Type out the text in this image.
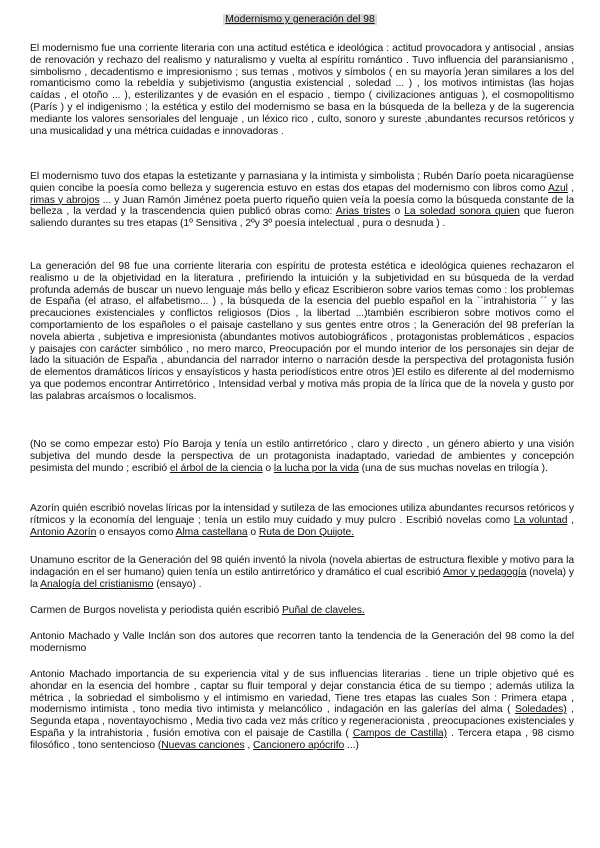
Modernismo y generación del 98

El modernismo fue una corriente literaria con una actitud estética e ideológica : actitud provocadora y antisocial , ansias de renovación y rechazo del realismo y naturalismo y vuelta al espíritu romántico . Tuvo influencia del paransianismo , simbolismo , decadentismo e impresionismo ; sus temas , motivos y símbolos ( en su mayoría )eran similares a los del romanticismo como la rebeldía y subjetivismo (angustia existencial , soledad ... ) , los motivos intimistas (las hojas caídas , el otoño ... ), esterilizantes y de evasión en el espacio , tiempo ( civilizaciones antiguas ), el cosmopolitismo (París ) y el indigenismo ; la estética y estilo del modernismo se basa en la búsqueda de la belleza y de la sugerencia mediante los valores sensoriales del lenguaje , un léxico rico , culto, sonoro y sureste ,abundantes recursos retóricos y una musicalidad y una métrica cuidadas e innovadoras .

El modernismo tuvo dos etapas la estetizante y parnasiana y la intimista y simbolista ; Rubén Darío poeta nicaragüense quien concibe la poesía como belleza y sugerencia estuvo en estas dos etapas del modernismo con libros como Azul , rimas y abrojos ... y Juan Ramón Jiménez poeta puerto riqueño quien veía la poesía como la búsqueda constante de la belleza , la verdad y la trascendencia quien publicó obras como: Arias tristes o La soledad sonora quien que fueron saliendo durantes su tres etapas (1º Sensitiva , 2ºy 3º poesía intelectual , pura o desnuda ) .

La generación del 98 fue una corriente literaria con espíritu de protesta estética e ideológica quienes rechazaron el realismo u de la objetividad en la literatura , prefiriendo la intuición y la subjetividad en su búsqueda de la verdad profunda además de buscar un nuevo lenguaje más bello y eficaz Escribieron sobre varios temas como : los problemas de España (el atraso, el alfabetismo... ) , la búsqueda de la esencia del pueblo español en la ``intrahistoria ´´ y las precauciones existenciales y conflictos religiosos (Dios , la libertad ...)también escribieron sobre motivos como el comportamiento de los españoles o el paisaje castellano y sus gentes entre otros ; la Generación del 98 preferían la novela abierta , subjetiva e impresionista (abundantes motivos autobiográficos , protagonistas problemáticos , espacios y paisajes con carácter simbólico , no mero marco, Preocupación por el mundo interior de los personajes sin dejar de lado la situación de España , abundancia del narrador interno o narración desde la perspectiva del protagonista fusión de elementos dramáticos líricos y ensayísticos y hasta periodísticos entre otros )El estilo es diferente al del modernismo ya que podemos encontrar Antirretórico , Intensidad verbal y motiva más propia de la lírica que de la novela y gusto por las palabras arcaísmos o localismos.

(No se como empezar esto) Pío Baroja y tenía un estilo antirretórico , claro y directo , un género abierto y una visión subjetiva del mundo desde la perspectiva de un protagonista inadaptado, variedad de ambientes y concepción pesimista del mundo ; escribió el árbol de la ciencia o la lucha por la vida (una de sus muchas novelas en trilogía ).

Azorín quién escribió novelas líricas por la intensidad y sutileza de las emociones utiliza abundantes recursos retóricos y rítmicos y la economía del lenguaje ; tenía un estilo muy cuidado y muy pulcro . Escribió novelas como La voluntad , Antonio Azorín o ensayos como Alma castellana o Ruta de Don Quijote.

Unamuno escritor de la Generación del 98 quién inventó la nivola (novela abiertas de estructura flexible y motivo para la indagación en el ser humano) quien tenía un estilo antirretórico y dramático el cual escribió Amor y pedagogía (novela) y la Analogía del cristianismo (ensayo) .

Carmen de Burgos novelista y periodista quién escribió Puñal de claveles.

Antonio Machado y Valle Inclán son dos autores que recorren tanto la tendencia de la Generación del 98 como la del modernismo

Antonio Machado importancia de su experiencia vital y de sus influencias literarias . tiene un triple objetivo qué es ahondar en la esencia del hombre , captar su fluir temporal y dejar constancia ética de su tiempo ; además utiliza la métrica , la sobriedad el simbolismo y el intimismo en variedad, Tiene tres etapas las cuales Son : Primera etapa , modernismo intimista , tono media tivo intimista y melancólico , indagación en las galerías del alma ( Soledades) , Segunda etapa , noventayochismo , Media tivo cada vez más crítico y regeneracionista , preocupaciones existenciales y España y la intrahistoria , fusión emotiva con el paisaje de Castilla ( Campos de Castilla) . Tercera etapa , 98 cismo filosófico , tono sentencioso (Nuevas canciones , Cancionero apócrifo ...)
